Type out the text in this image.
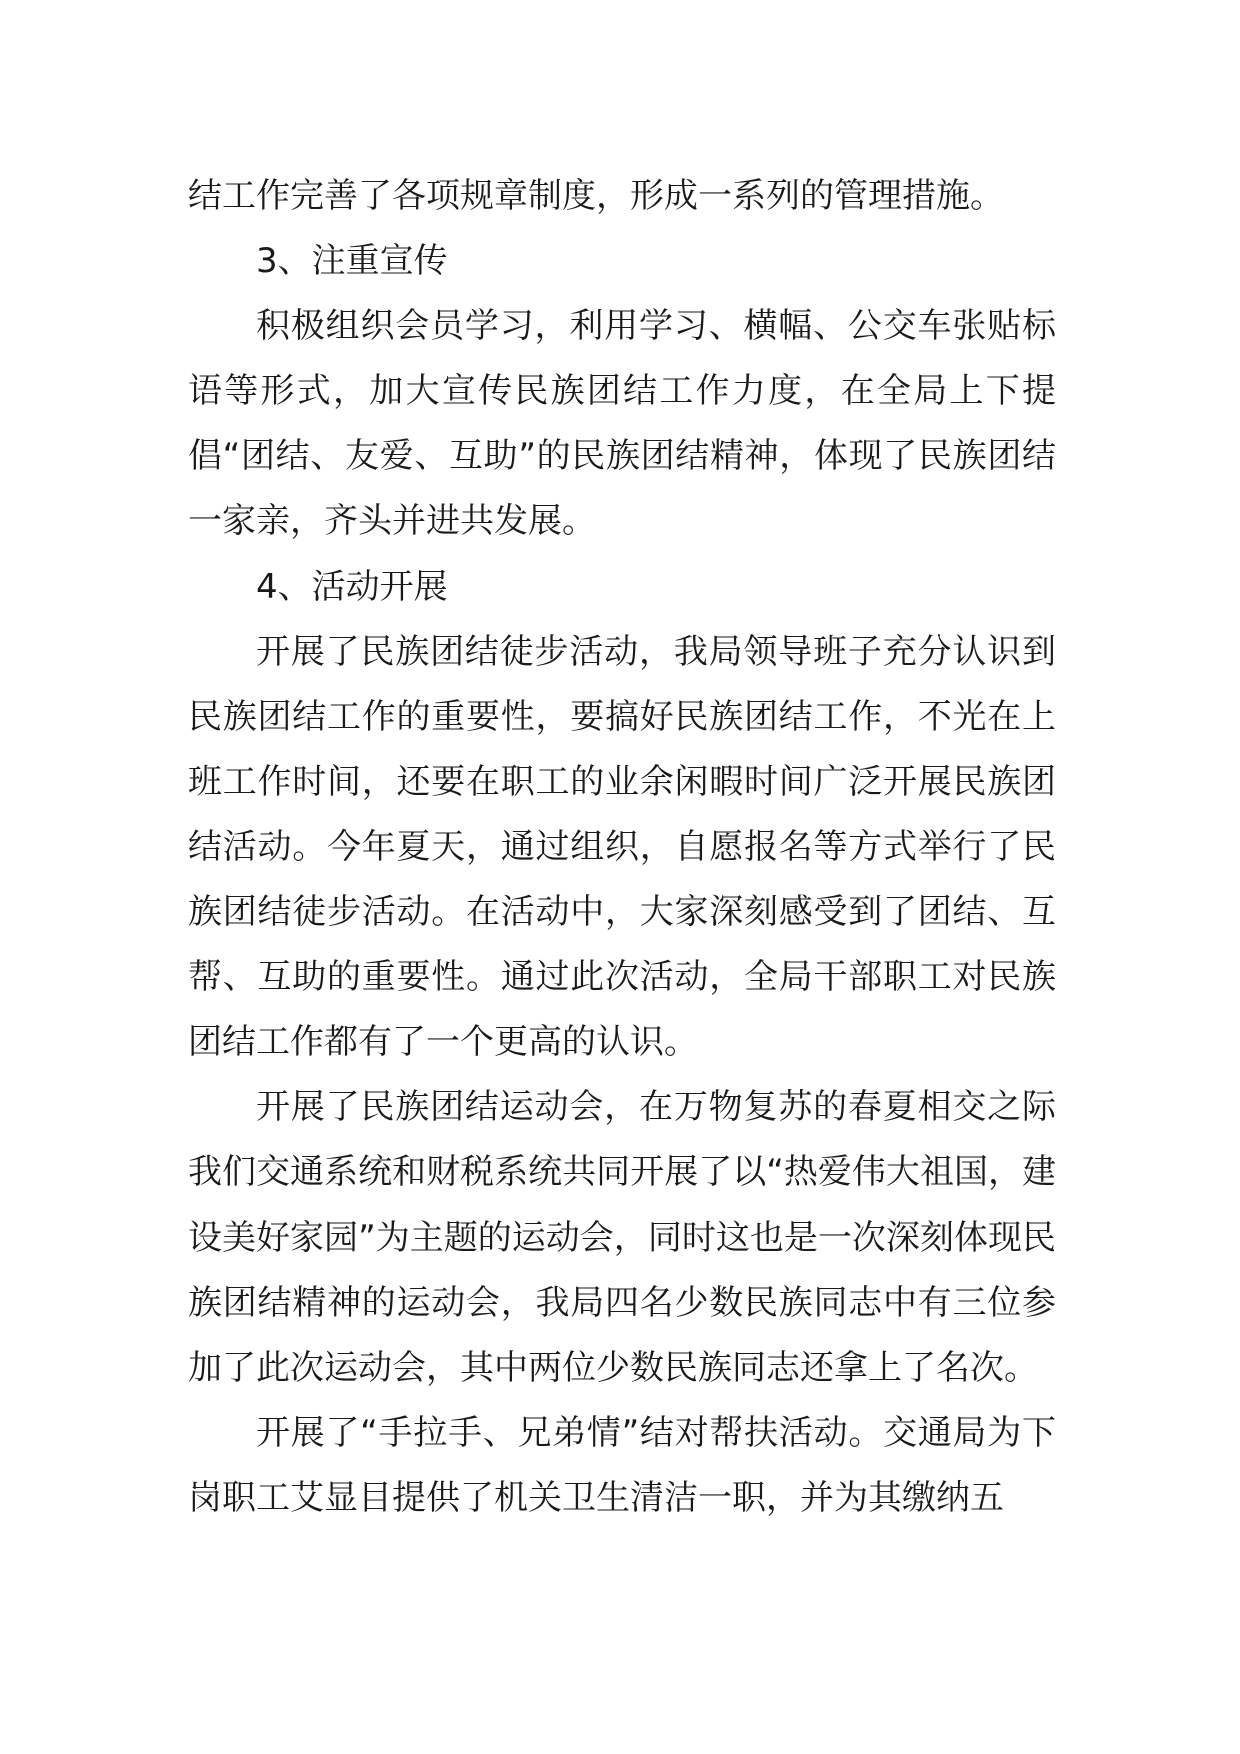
结工作完善了各项规章制度，形成一系列的管理措施。

3、注重宣传

积极组织会员学习，利用学习、横幅、公交车张贴标语等形式，加大宣传民族团结工作力度，在全局上下提倡“团结、友爱、互助”的民族团结精神，体现了民族团结一家亲，齐头并进共发展。

4、活动开展

开展了民族团结徒步活动，我局领导班子充分认识到民族团结工作的重要性，要搞好民族团结工作，不光在上班工作时间，还要在职工的业余闲暇时间广泛开展民族团结活动。今年夏天，通过组织，自愿报名等方式举行了民族团结徒步活动。在活动中，大家深刻感受到了团结、互帮、互助的重要性。通过此次活动，全局干部职工对民族团结工作都有了一个更高的认识。

开展了民族团结运动会，在万物复苏的春夏相交之际我们交通系统和财税系统共同开展了以“热爱伟大祖国，建设美好家园”为主题的运动会，同时这也是一次深刻体现民族团结精神的运动会，我局四名少数民族同志中有三位参加了此次运动会，其中两位少数民族同志还拿上了名次。

开展了“手拉手、兄弟情”结对帮扶活动。交通局为下岗职工艾显目提供了机关卫生清洁一职，并为其缴纳五
